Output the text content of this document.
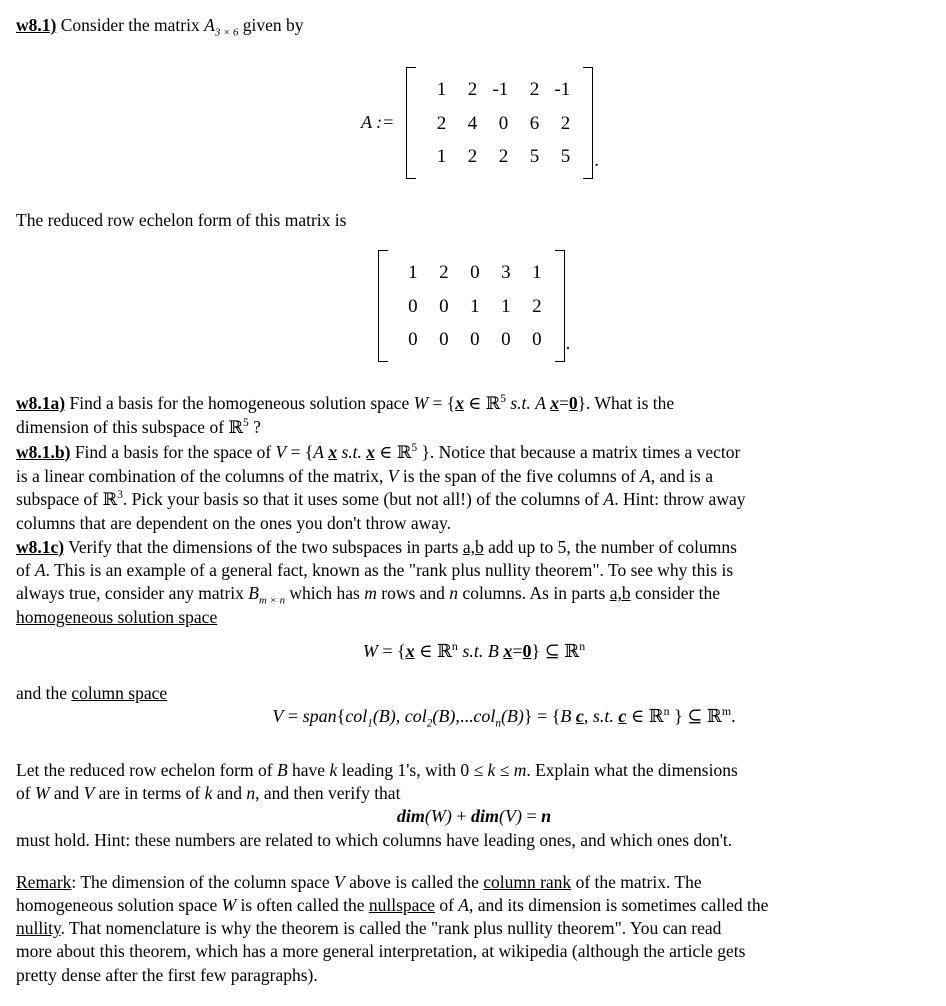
w8.1) Consider the matrix $A_{3 \times 6}$ given by

A :=
1	2	-1	2	-1
2	4	0	6	2
1	2	2	5	5 .

The reduced row echelon form of this matrix is

1	2	0	3	1
0	0	1	1	2
0	0	0	0	0 .

w8.1a) Find a basis for the homogeneous solution space W = {x ∈ ℝ$^5$ s.t. A x=0}. What is the
dimension of this subspace of ℝ$^5$ ?

w8.1.b) Find a basis for the space of V = {A x s.t. x ∈ ℝ$^5$ }. Notice that because a matrix times a vector
is a linear combination of the columns of the matrix, V is the span of the five columns of A, and is a
subspace of ℝ$^3$. Pick your basis so that it uses some (but not all!) of the columns of A. Hint: throw away
columns that are dependent on the ones you don't throw away.

w8.1c) Verify that the dimensions of the two subspaces in parts a,b add up to 5, the number of columns
of A. This is an example of a general fact, known as the "rank plus nullity theorem". To see why this is
always true, consider any matrix $B_{m \times n}$ which has m rows and n columns. As in parts a,b consider the
homogeneous solution space

W = {x ∈ ℝ$^n$ s.t. B x=0} ⊆ ℝ$^n$

and the column space

V = span{col$_1$(B), col$_2$(B),...col$_n$(B)} = {B c, s.t. c ∈ ℝ$^n$ } ⊆ ℝ$^m$.

Let the reduced row echelon form of B have k leading 1's, with 0 ≤ k ≤ m. Explain what the dimensions
of W and V are in terms of k and n, and then verify that

dim(W) + dim(V) = n

must hold. Hint: these numbers are related to which columns have leading ones, and which ones don't.

Remark: The dimension of the column space V above is called the column rank of the matrix. The
homogeneous solution space W is often called the nullspace of A, and its dimension is sometimes called the
nullity. That nomenclature is why the theorem is called the "rank plus nullity theorem". You can read
more about this theorem, which has a more general interpretation, at wikipedia (although the article gets
pretty dense after the first few paragraphs).
